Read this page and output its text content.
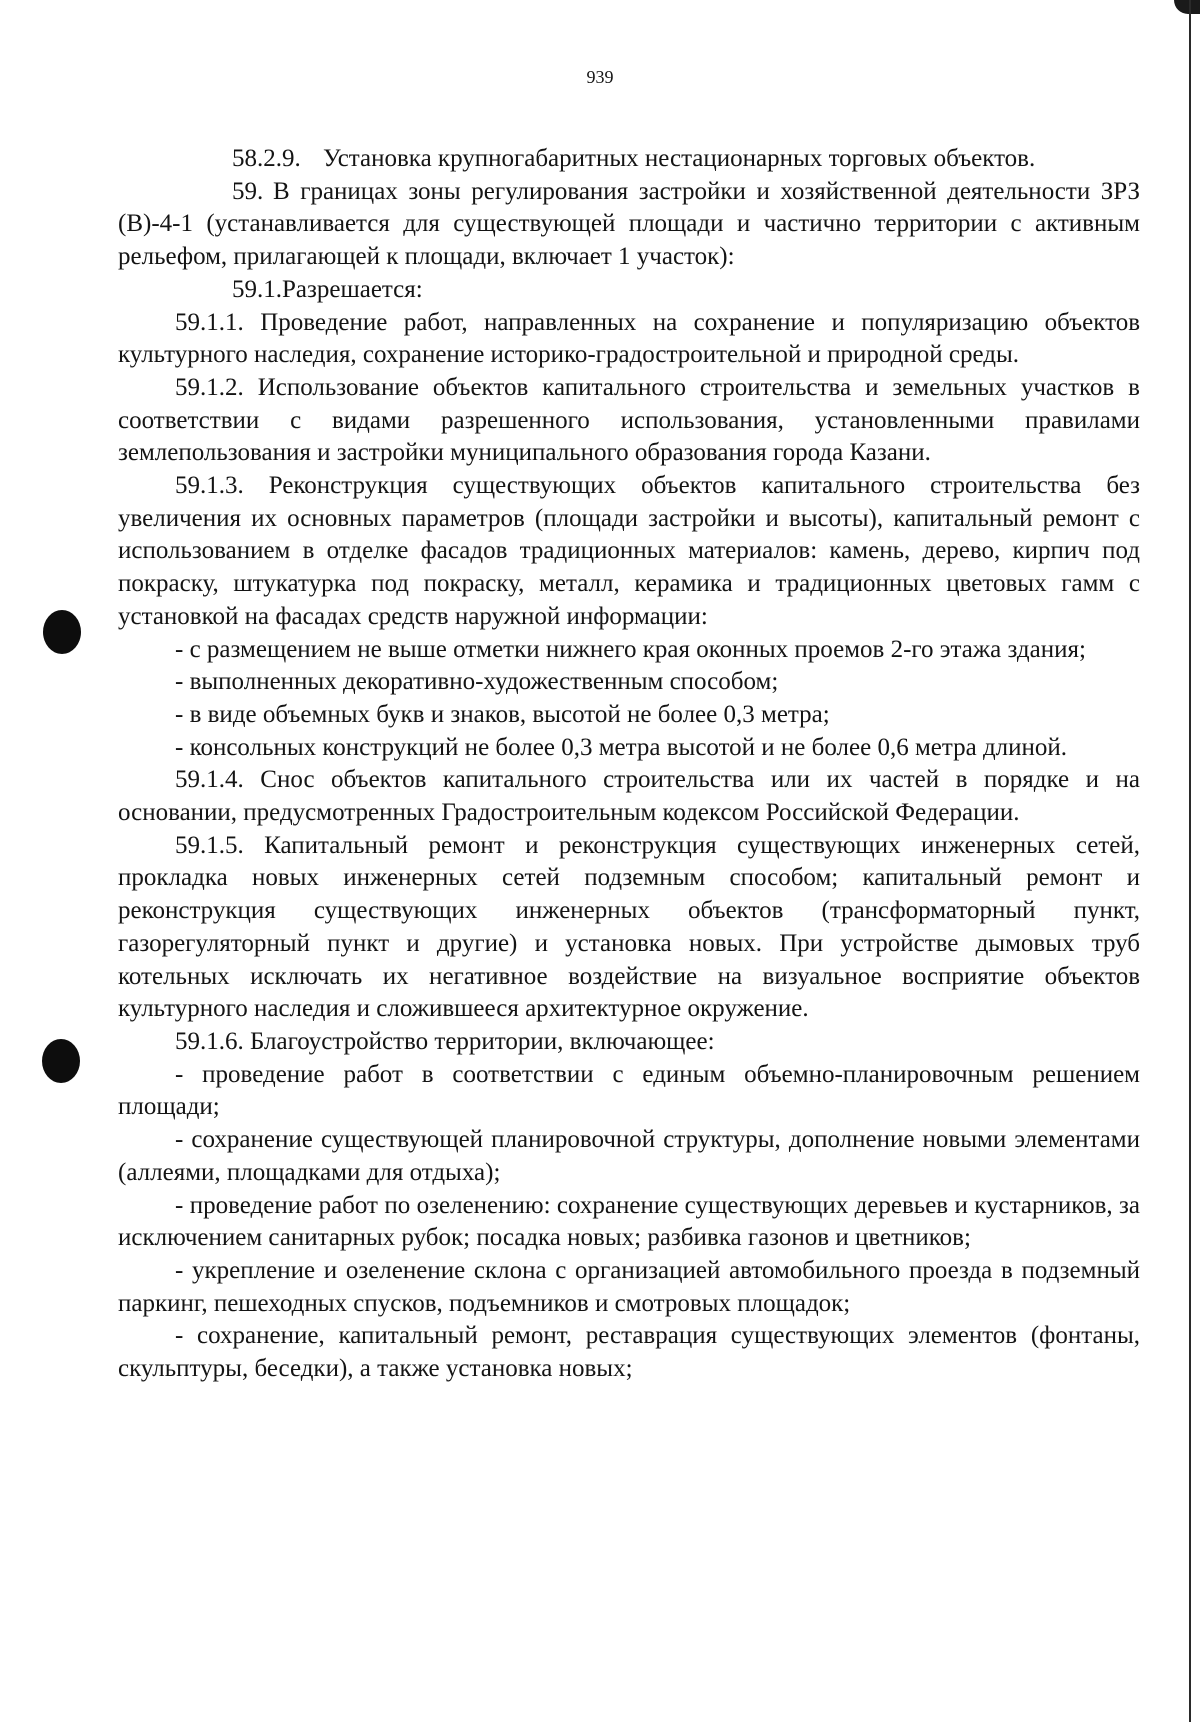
939

58.2.9. Установка крупногабаритных нестационарных торговых объектов.

59. В границах зоны регулирования застройки и хозяйственной деятельности ЗРЗ (В)-4-1 (устанавливается для существующей площади и частично территории с активным рельефом, прилагающей к площади, включает 1 участок):

59.1.Разрешается:

59.1.1. Проведение работ, направленных на сохранение и популяризацию объектов культурного наследия, сохранение историко-градостроительной и природной среды.

59.1.2. Использование объектов капитального строительства и земельных участков в соответствии с видами разрешенного использования, установленными правилами землепользования и застройки муниципального образования города Казани.

59.1.3. Реконструкция существующих объектов капитального строительства без увеличения их основных параметров (площади застройки и высоты), капитальный ремонт с использованием в отделке фасадов традиционных материалов: камень, дерево, кирпич под покраску, штукатурка под покраску, металл, керамика и традиционных цветовых гамм с установкой на фасадах средств наружной информации:

- с размещением не выше отметки нижнего края оконных проемов 2-го этажа здания;

- выполненных декоративно-художественным способом;

- в виде объемных букв и знаков, высотой не более 0,3 метра;

- консольных конструкций не более 0,3 метра высотой и не более 0,6 метра длиной.

59.1.4. Снос объектов капитального строительства или их частей в порядке и на основании, предусмотренных Градостроительным кодексом Российской Федерации.

59.1.5. Капитальный ремонт и реконструкция существующих инженерных сетей, прокладка новых инженерных сетей подземным способом; капитальный ремонт и реконструкция существующих инженерных объектов (трансформаторный пункт, газорегуляторный пункт и другие) и установка новых. При устройстве дымовых труб котельных исключать их негативное воздействие на визуальное восприятие объектов культурного наследия и сложившееся архитектурное окружение.

59.1.6. Благоустройство территории, включающее:

- проведение работ в соответствии с единым объемно-планировочным решением площади;

- сохранение существующей планировочной структуры, дополнение новыми элементами (аллеями, площадками для отдыха);

- проведение работ по озеленению: сохранение существующих деревьев и кустарников, за исключением санитарных рубок; посадка новых; разбивка газонов и цветников;

- укрепление и озеленение склона с организацией автомобильного проезда в подземный паркинг, пешеходных спусков, подъемников и смотровых площадок;

- сохранение, капитальный ремонт, реставрация существующих элементов (фонтаны, скульптуры, беседки), а также установка новых;
